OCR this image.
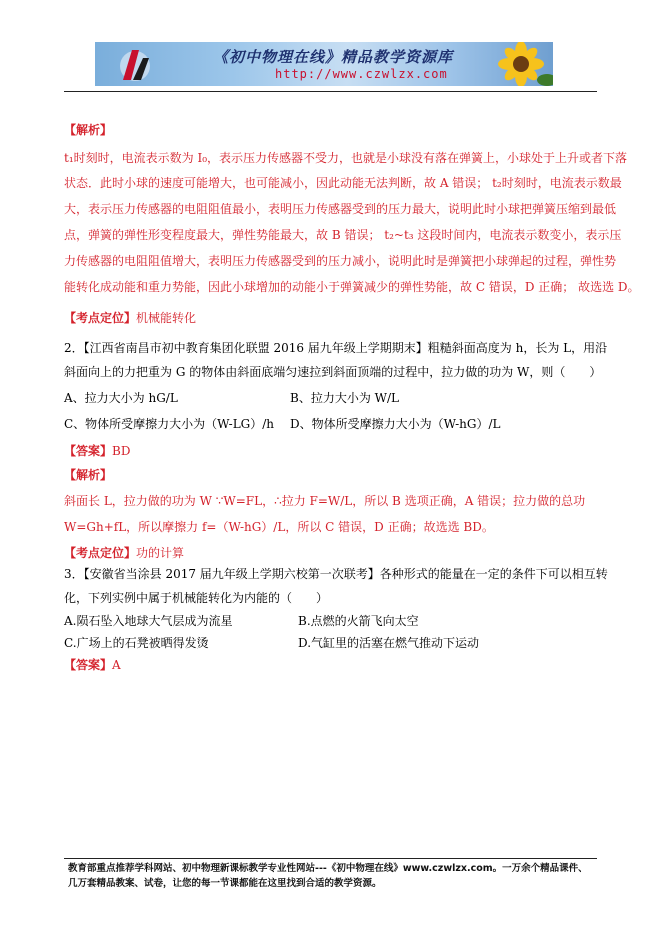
《初中物理在线》精品教学资源库
http://www.czwlzx.com
【解析】
t₁时刻时，电流表示数为 I₀，表示压力传感器不受力，也就是小球没有落在弹簧上，小球处于上升或者下落
状态．此时小球的速度可能增大，也可能减小，因此动能无法判断，故 A 错误； t₂时刻时，电流表示数最
大，表示压力传感器的电阻阻值最小，表明压力传感器受到的压力最大，说明此时小球把弹簧压缩到最低
点，弹簧的弹性形变程度最大，弹性势能最大，故 B 错误； t₂~t₃ 这段时间内，电流表示数变小，表示压
力传感器的电阻阻值增大，表明压力传感器受到的压力减小，说明此时是弹簧把小球弹起的过程，弹性势
能转化成动能和重力势能，因此小球增加的动能小于弹簧减少的弹性势能，故 C 错误，D 正确； 故选选 D。
【考点定位】机械能转化
2．【江西省南昌市初中教育集团化联盟 2016 届九年级上学期期末】粗糙斜面高度为 h，长为 L，用沿
斜面向上的力把重为 G 的物体由斜面底端匀速拉到斜面顶端的过程中，拉力做的功为 W，则（　　）
A、拉力大小为 hG/L	B、拉力大小为 W/L
C、物体所受摩擦力大小为（W-LG）/h D、物体所受摩擦力大小为（W-hG）/L
【答案】BD
【解析】
斜面长 L，拉力做的功为 W ∵W=FL，∴拉力 F=W/L，所以 B 选项正确，A 错误；拉力做的总功
W=Gh+fL，所以摩擦力 f=（W-hG）/L，所以 C 错误，D 正确；故选选 BD。
【考点定位】功的计算
3．【安徽省当涂县 2017 届九年级上学期六校第一次联考】各种形式的能量在一定的条件下可以相互转
化，下列实例中属于机械能转化为内能的（　　）
A.陨石坠入地球大气层成为流星	B.点燃的火箭飞向太空
C.广场上的石凳被晒得发烫	D.气缸里的活塞在燃气推动下运动
【答案】A
教育部重点推荐学科网站、初中物理新课标教学专业性网站---《初中物理在线》www.czwlzx.com。一万余个精品课件、
几万套精品教案、试卷，让您的每一节课都能在这里找到合适的教学资源。
